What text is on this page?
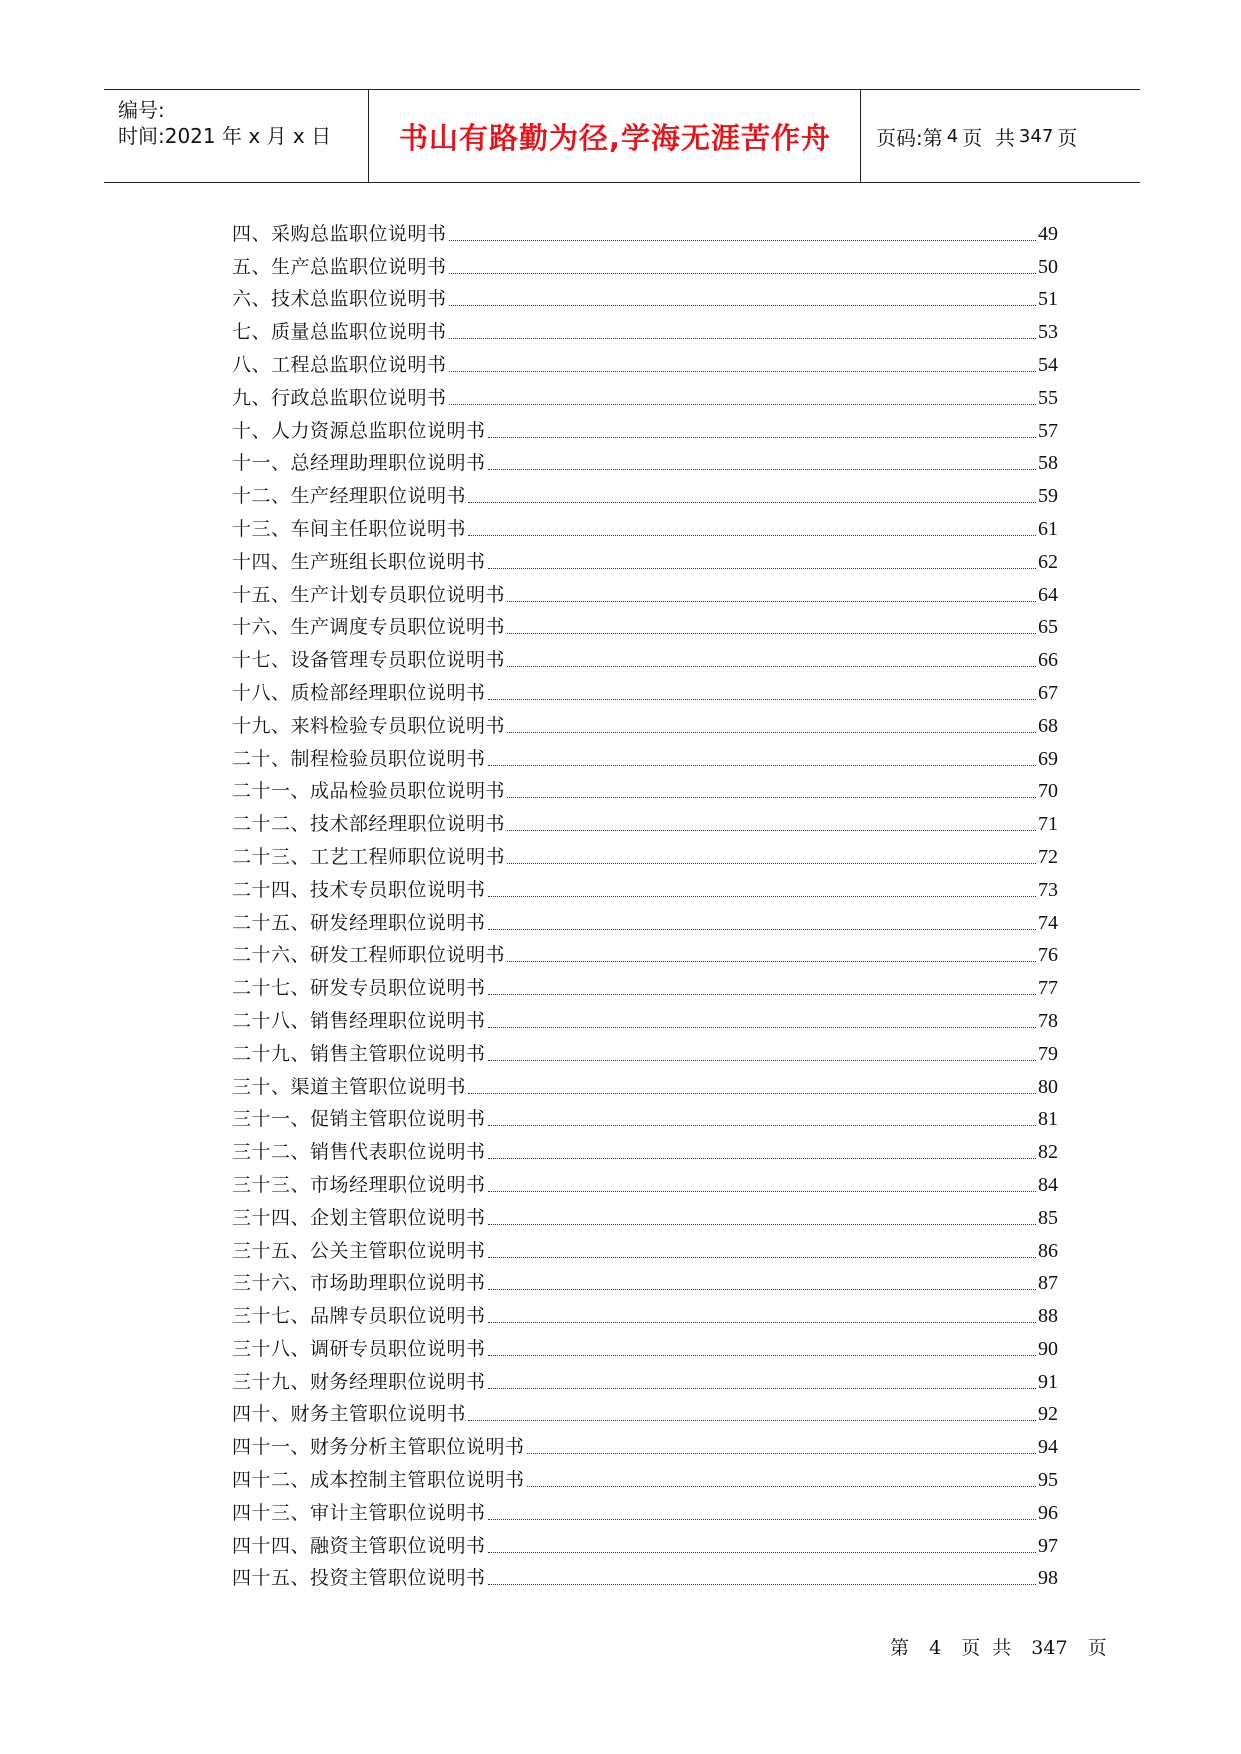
编号:
时间:2021 年 x 月 x 日 书山有路勤为径,学海无涯苦作舟 页码:第 4 页  共 347 页
四、采购总监职位说明书	49
五、生产总监职位说明书	50
六、技术总监职位说明书	51
七、质量总监职位说明书	53
八、工程总监职位说明书	54
九、行政总监职位说明书	55
十、人力资源总监职位说明书	57
十一、总经理助理职位说明书	58
十二、生产经理职位说明书	59
十三、车间主任职位说明书	61
十四、生产班组长职位说明书	62
十五、生产计划专员职位说明书	64
十六、生产调度专员职位说明书	65
十七、设备管理专员职位说明书	66
十八、质检部经理职位说明书	67
十九、来料检验专员职位说明书	68
二十、制程检验员职位说明书	69
二十一、成品检验员职位说明书	70
二十二、技术部经理职位说明书	71
二十三、工艺工程师职位说明书	72
二十四、技术专员职位说明书	73
二十五、研发经理职位说明书	74
二十六、研发工程师职位说明书	76
二十七、研发专员职位说明书	77
二十八、销售经理职位说明书	78
二十九、销售主管职位说明书	79
三十、渠道主管职位说明书	80
三十一、促销主管职位说明书	81
三十二、销售代表职位说明书	82
三十三、市场经理职位说明书	84
三十四、企划主管职位说明书	85
三十五、公关主管职位说明书	86
三十六、市场助理职位说明书	87
三十七、品牌专员职位说明书	88
三十八、调研专员职位说明书	90
三十九、财务经理职位说明书	91
四十、财务主管职位说明书	92
四十一、财务分析主管职位说明书	94
四十二、成本控制主管职位说明书	95
四十三、审计主管职位说明书	96
四十四、融资主管职位说明书	97
四十五、投资主管职位说明书	98
第 4 页 共 347 页
